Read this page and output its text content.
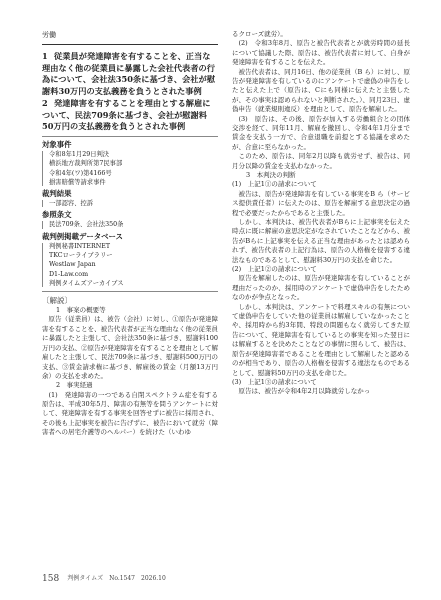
労働
1 従業員が発達障害を有することを、正当な理由なく他の従業員に暴露した会社代表者の行為について、会社法350条に基づき、会社が慰謝料30万円の支払義務を負うとされた事例
2 発達障害を有することを理由とする解雇について、民法709条に基づき、会社が慰謝料50万円の支払義務を負うとされた事例
対象事件
令和8年1月29日判決
横浜地方裁判所第7民事部
令和4年(ワ)第4166号
損害賠償等請求事件
裁判結果
一部認容、控訴
参照条文
民法709条、会社法350条
裁判例掲載データベース
判例秘書INTERNET
TKCローライブラリー
Westlaw Japan
D1-Law.com
判例タイムズアーカイブス
〔解説〕
1　事案の概要等

原告（従業員）は、被告（会社）に対し、①原告が発達障害を有することを、被告代表者が正当な理由なく他の従業員に暴露したと主張して、会社法350条に基づき、慰謝料100万円の支払、②原告が発達障害を有することを理由として解雇したと主張して、民法709条に基づき、慰謝料500万円の支払、③賃金請求権に基づき、解雇後の賃金（月額13万円余）の支払を求めた。

2　事実経過

(1)　発達障害の一つである自閉スペクトラム症を有する原告は、平成30年5月、障害の有無等を問うアンケートに対して、発達障害を有する事実を回答せずに被告に採用され、その後も上記事実を被告に告げずに、被告において就労（障害者への居宅介護等のヘルパー）を続けた（いわゆ

るクローズ就労）。

(2)　令和3年8月、原告と被告代表者とが就労時間の延長について協議した際、原告は、被告代表者に対して、自身が発達障害を有することを伝えた。

被告代表者は、同月16日、他の従業員（B ら）に対し、原告が発達障害を有しているのにアンケートで虚偽の申告をしたと伝えた上で（原告は、Cにも同様に伝えたと主張したが、その事実は認められないと判断された。）、同月23日、虚偽申告（就業規則違反）を理由として、原告を解雇した。

(3)　原告は、その後、原告が加入する労働組合との団体交渉を経て、同年11月、解雇を撤回し、令和4年1月分まで賃金を支払う一方で、合意退職を前提とする協議を求めたが、合意に至らなかった。

このため、原告は、同年2月以降も就労せず、被告は、同月分以降の賃金を支払わなかった。

3　本判決の判断
(1)　上記1①の請求について

被告は、原告が発達障害を有している事実をB ら（サービス提供責任者）に伝えたのは、原告を解雇する意思決定の過程で必要だったからであると主張した。

しかし、本判決は、被告代表者がBらに上記事実を伝えた時点に既に解雇の意思決定がなされていたことなどから、被告がBらに上記事実を伝える正当な理由があったとは認められず、被告代表者の上記行為は、原告の人格権を侵害する違法なものであるとして、慰謝料30万円の支払を命じた。

(2)　上記1②の請求について

原告を解雇したのは、原告が発達障害を有していることが理由だったのか、採用時のアンケートで虚偽申告をしたためなのかが争点となった。

しかし、本判決は、アンケートで料理スキルの有無について虚偽申告をしていた他の従業員は解雇していなかったことや、採用時から約3年間、特段の問題もなく就労してきた原告について、発達障害を有しているとの事実を知った翌日には解雇するとを決めたことなどの事情に照らして、被告は、原告が発達障害者であることを理由として解雇したと認めるのが相当であり、原告の人格権を侵害する違法なものであるとして、慰謝料50万円の支払を命じた。

(3)　上記1③の請求について

原告は、被告が令和4年2月以降就労しなかっ

158 判例タイムズ　No.1547　2026.10
